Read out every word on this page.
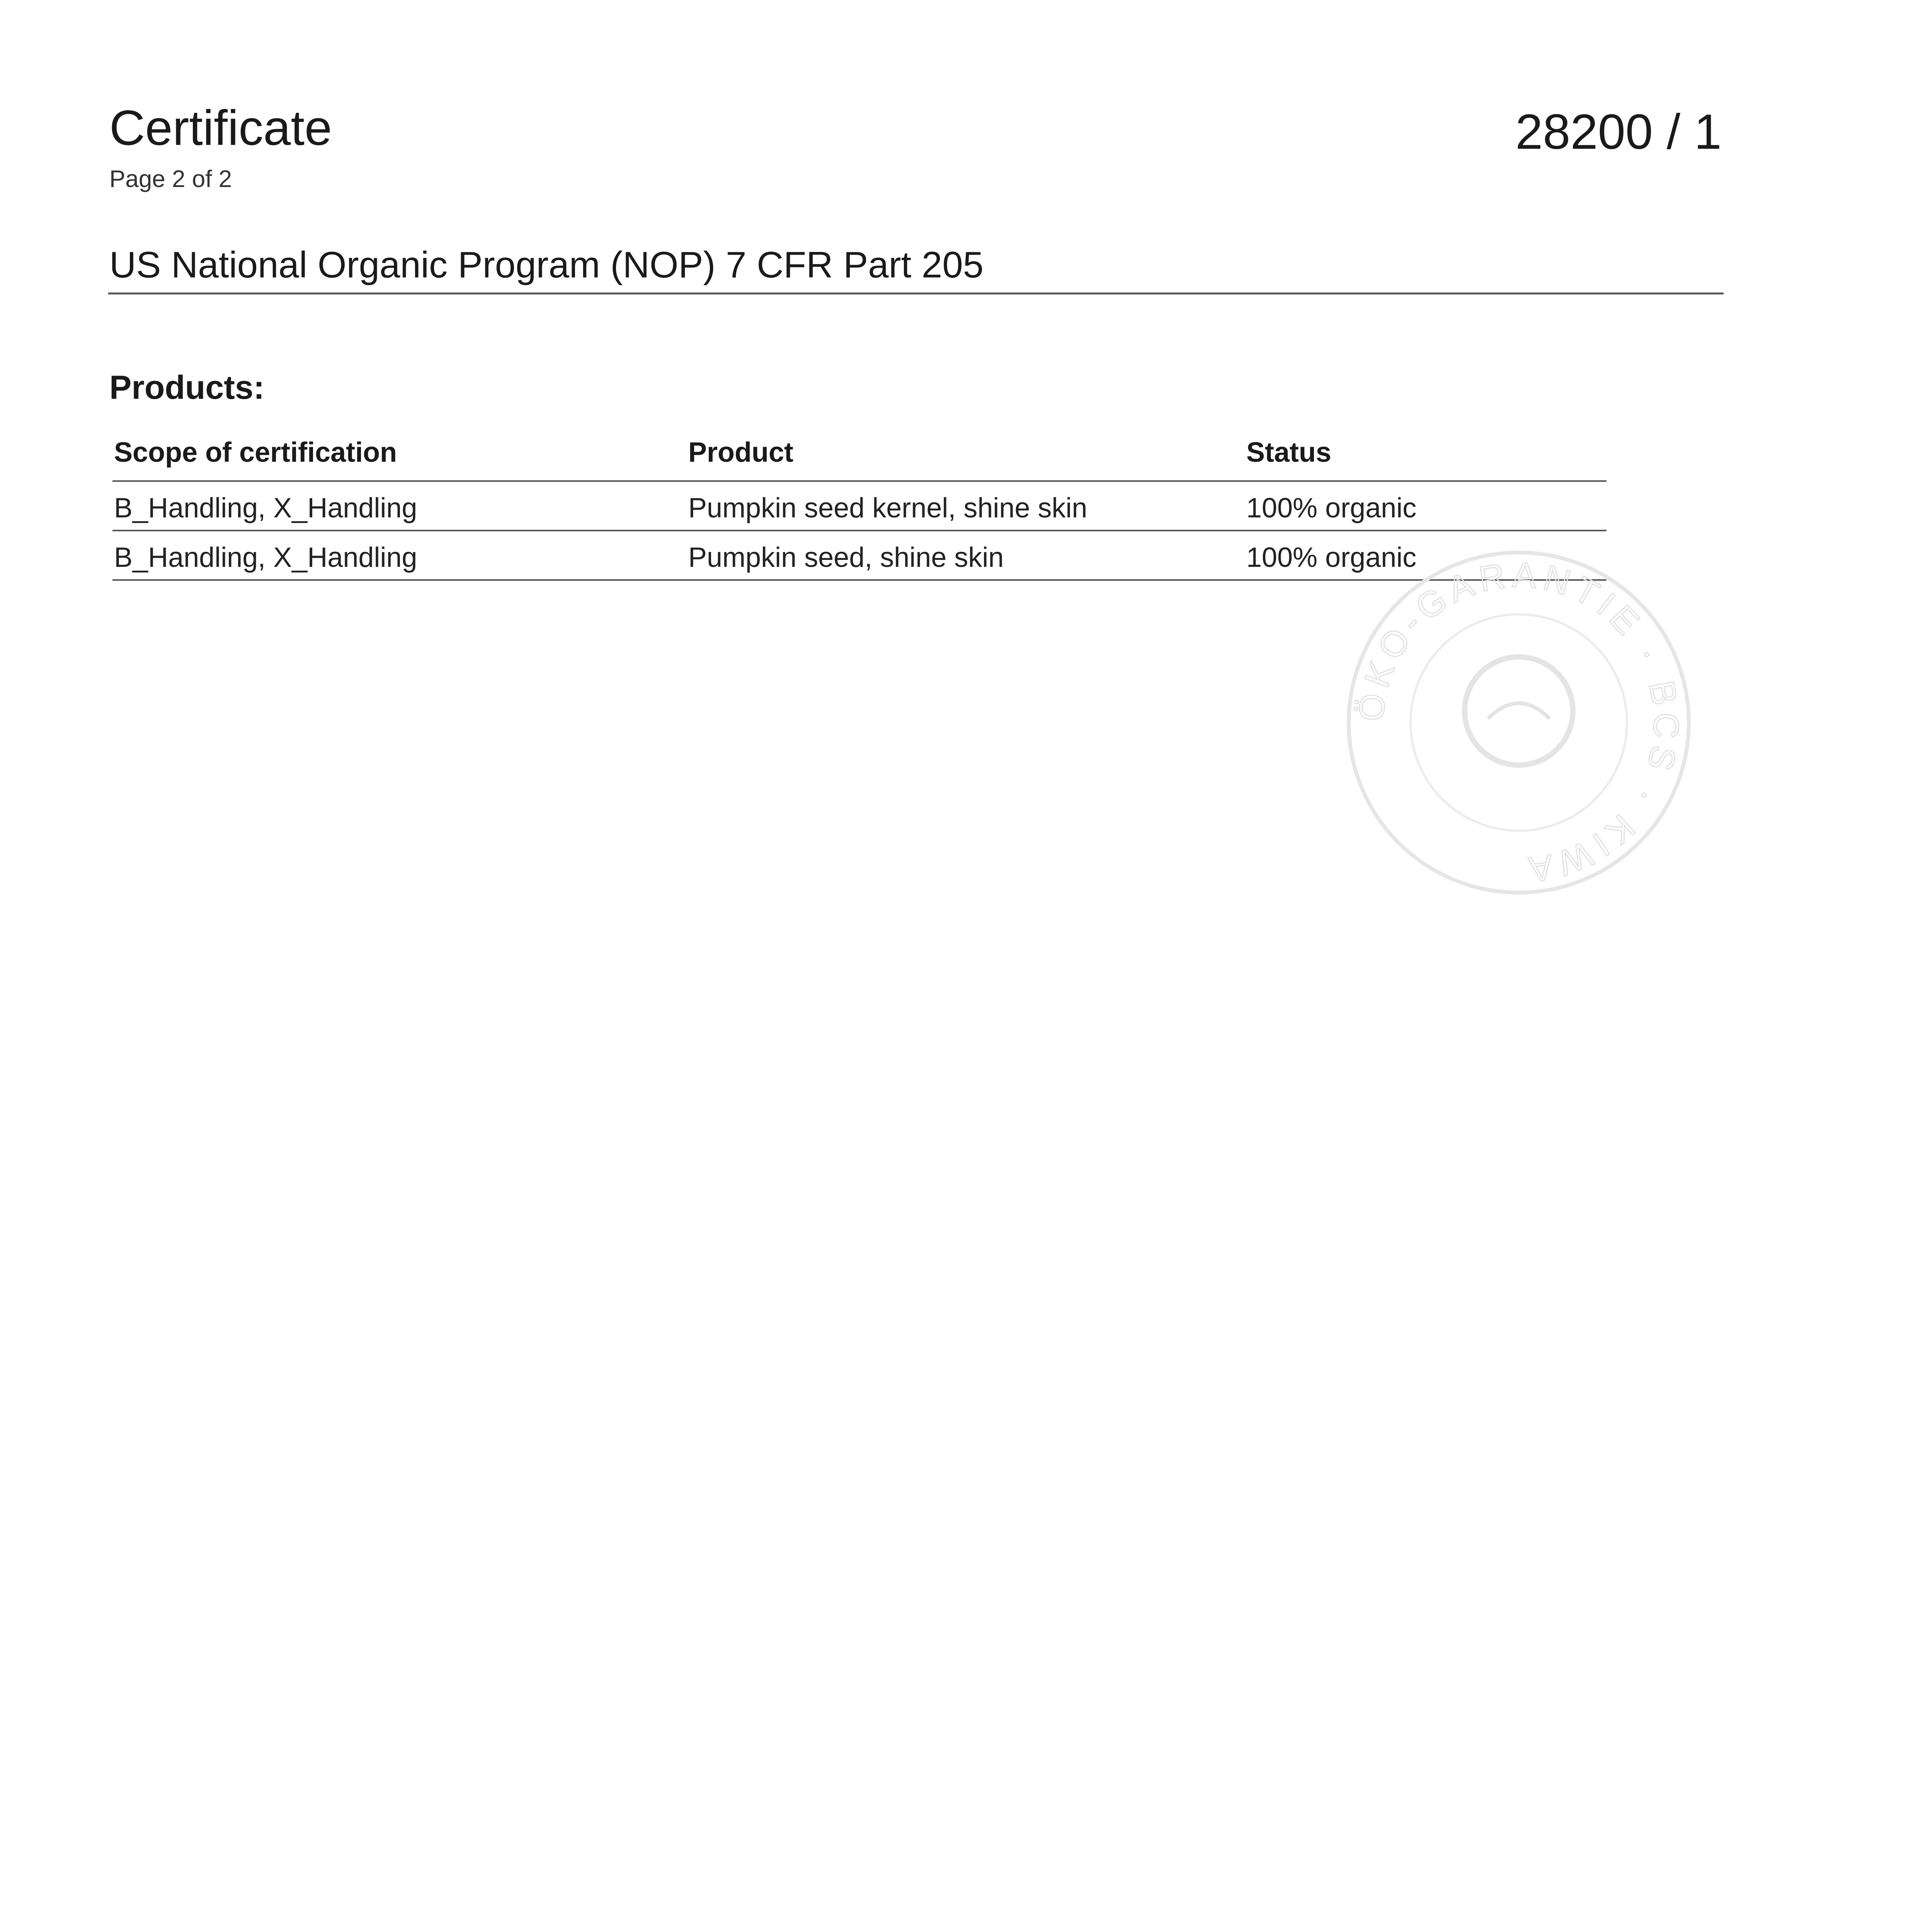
Certificate
Page 2 of 2
28200 / 1
US National Organic Program (NOP) 7 CFR Part 205
Products:
Scope of certification	Product	Status
B_Handling, X_Handling	Pumpkin seed kernel, shine skin	100% organic
B_Handling, X_Handling	Pumpkin seed, shine skin	100% organic
ÖKO-GARANTIE · BCS · KIWA
